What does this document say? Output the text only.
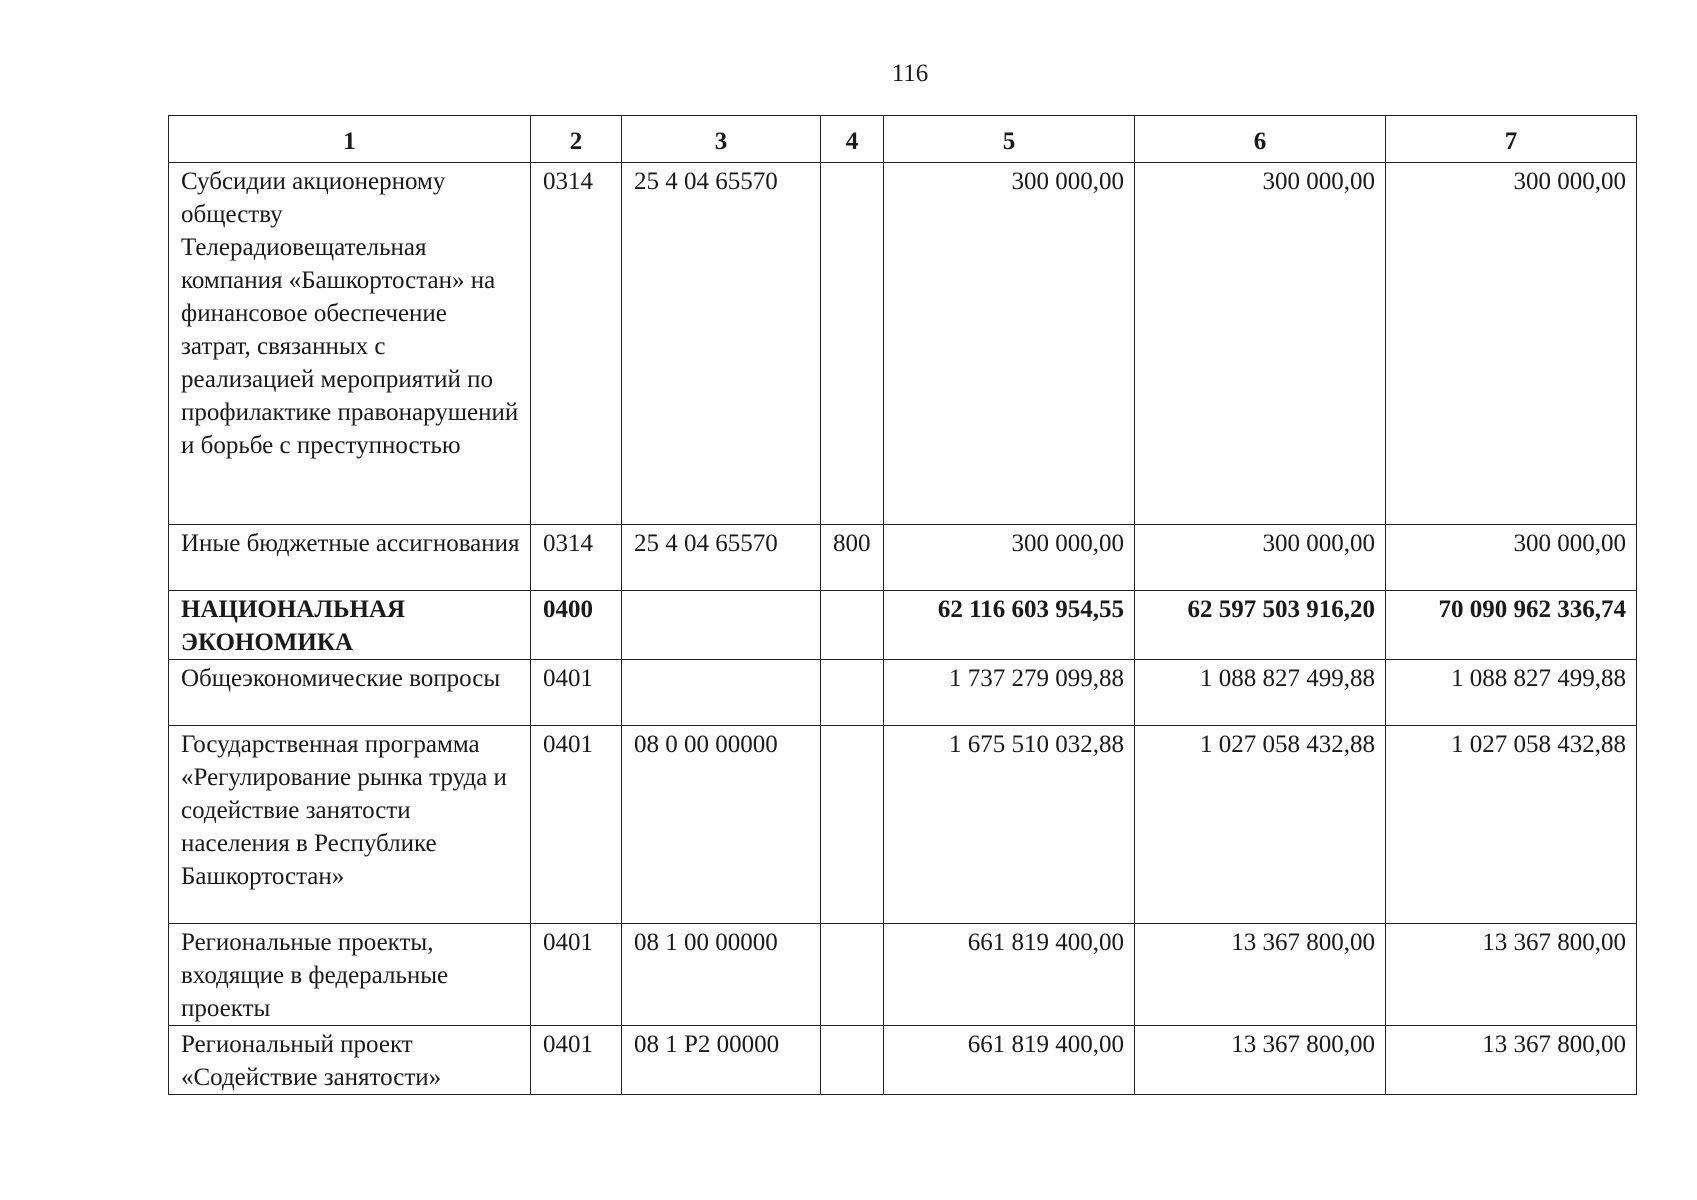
116
1	2	3	4	5	6	7
Субсидии акционерному обществу Телерадиовещательная компания «Башкортостан» на финансовое обеспечение затрат, связанных с реализацией мероприятий по профилактике правонарушений и борьбе с преступностью	0314	25 4 04 65570		300 000,00	300 000,00	300 000,00
Иные бюджетные ассигнования	0314	25 4 04 65570	800	300 000,00	300 000,00	300 000,00
НАЦИОНАЛЬНАЯ ЭКОНОМИКА	0400			62 116 603 954,55	62 597 503 916,20	70 090 962 336,74
Общеэкономические вопросы	0401			1 737 279 099,88	1 088 827 499,88	1 088 827 499,88
Государственная программа «Регулирование рынка труда и содействие занятости населения в Республике Башкортостан»	0401	08 0 00 00000		1 675 510 032,88	1 027 058 432,88	1 027 058 432,88
Региональные проекты, входящие в федеральные проекты	0401	08 1 00 00000		661 819 400,00	13 367 800,00	13 367 800,00
Региональный проект «Содействие занятости»	0401	08 1 P2 00000		661 819 400,00	13 367 800,00	13 367 800,00
